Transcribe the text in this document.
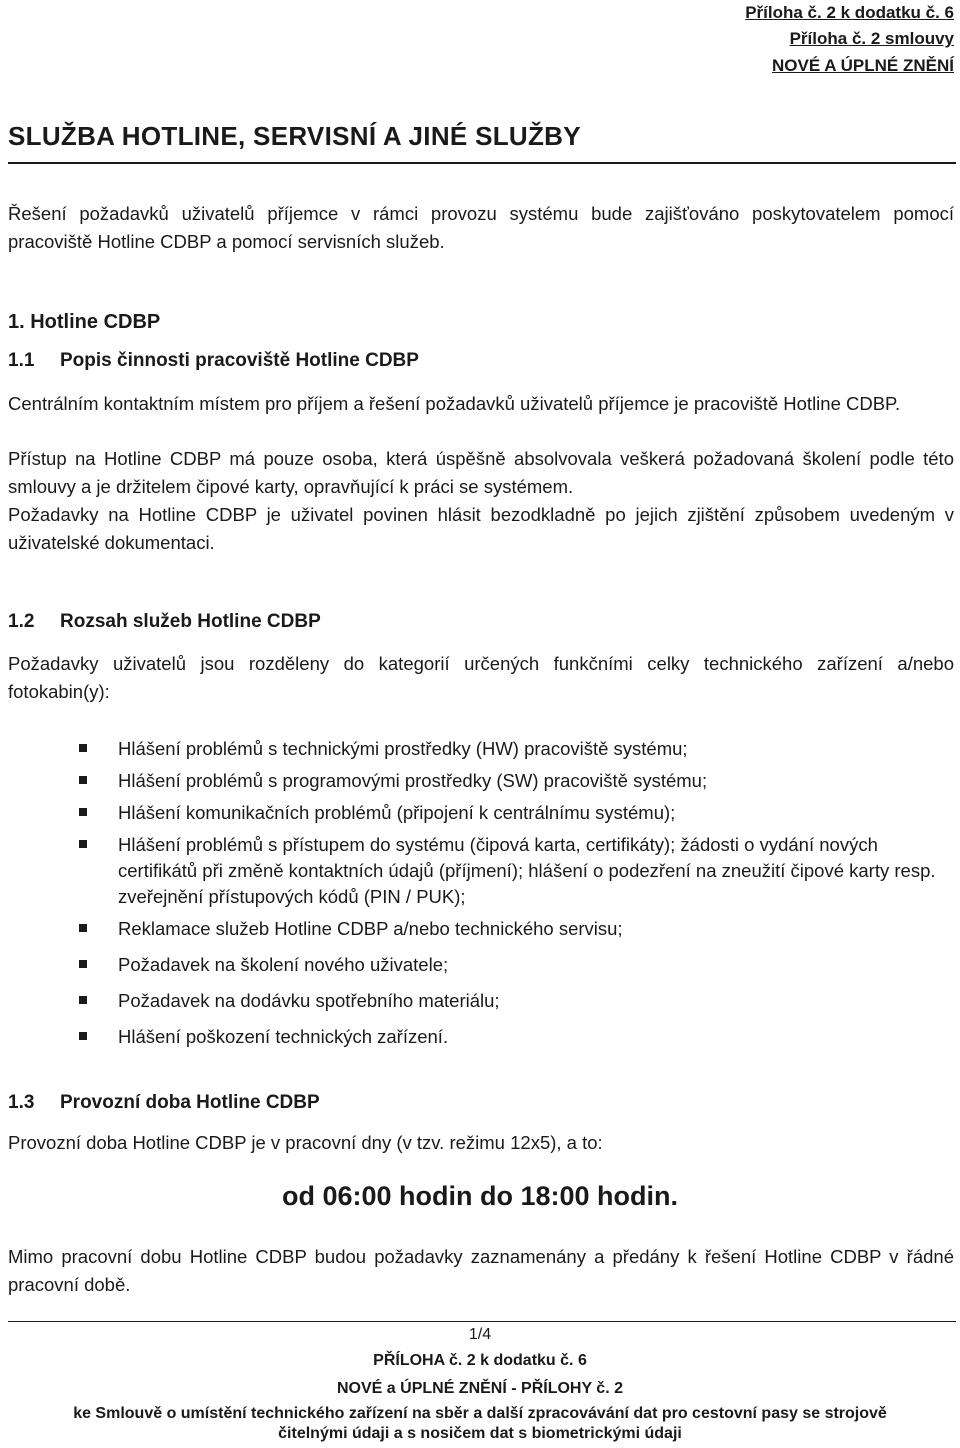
Příloha č. 2 k dodatku č. 6
Příloha č. 2 smlouvy
NOVÉ A ÚPLNÉ ZNĚNÍ
SLUŽBA HOTLINE, SERVISNÍ A JINÉ SLUŽBY

Řešení požadavků uživatelů příjemce v rámci provozu systému bude zajišťováno poskytovatelem pomocí pracoviště Hotline CDBP a pomocí servisních služeb.

1. Hotline CDBP
1.1 Popis činnosti pracoviště Hotline CDBP

Centrálním kontaktním místem pro příjem a řešení požadavků uživatelů příjemce je pracoviště Hotline CDBP.

Přístup na Hotline CDBP má pouze osoba, která úspěšně absolvovala veškerá požadovaná školení podle této smlouvy a je držitelem čipové karty, opravňující k práci se systémem.

Požadavky na Hotline CDBP je uživatel povinen hlásit bezodkladně po jejich zjištění způsobem uvedeným v uživatelské dokumentaci.

1.2 Rozsah služeb Hotline CDBP

Požadavky uživatelů jsou rozděleny do kategorií určených funkčními celky technického zařízení a/nebo fotokabin(y):

Hlášení problémů s technickými prostředky (HW) pracoviště systému;
Hlášení problémů s programovými prostředky (SW) pracoviště systému;
Hlášení komunikačních problémů (připojení k centrálnímu systému);
Hlášení problémů s přístupem do systému (čipová karta, certifikáty); žádosti o vydání nových certifikátů při změně kontaktních údajů (příjmení); hlášení o podezření na zneužití čipové karty resp. zveřejnění přístupových kódů (PIN / PUK);
Reklamace služeb Hotline CDBP a/nebo technického servisu;
Požadavek na školení nového uživatele;
Požadavek na dodávku spotřebního materiálu;
Hlášení poškození technických zařízení.
1.3 Provozní doba Hotline CDBP

Provozní doba Hotline CDBP je v pracovní dny (v tzv. režimu 12x5), a to:

od 06:00 hodin do 18:00 hodin.

Mimo pracovní dobu Hotline CDBP budou požadavky zaznamenány a předány k řešení Hotline CDBP v řádné pracovní době.

1/4
PŘÍLOHA č. 2 k dodatku č. 6
NOVÉ a ÚPLNÉ ZNĚNÍ - PŘÍLOHY č. 2
ke Smlouvě o umístění technického zařízení na sběr a další zpracovávání dat pro cestovní pasy se strojově
čitelnými údaji a s nosičem dat s biometrickými údaji
